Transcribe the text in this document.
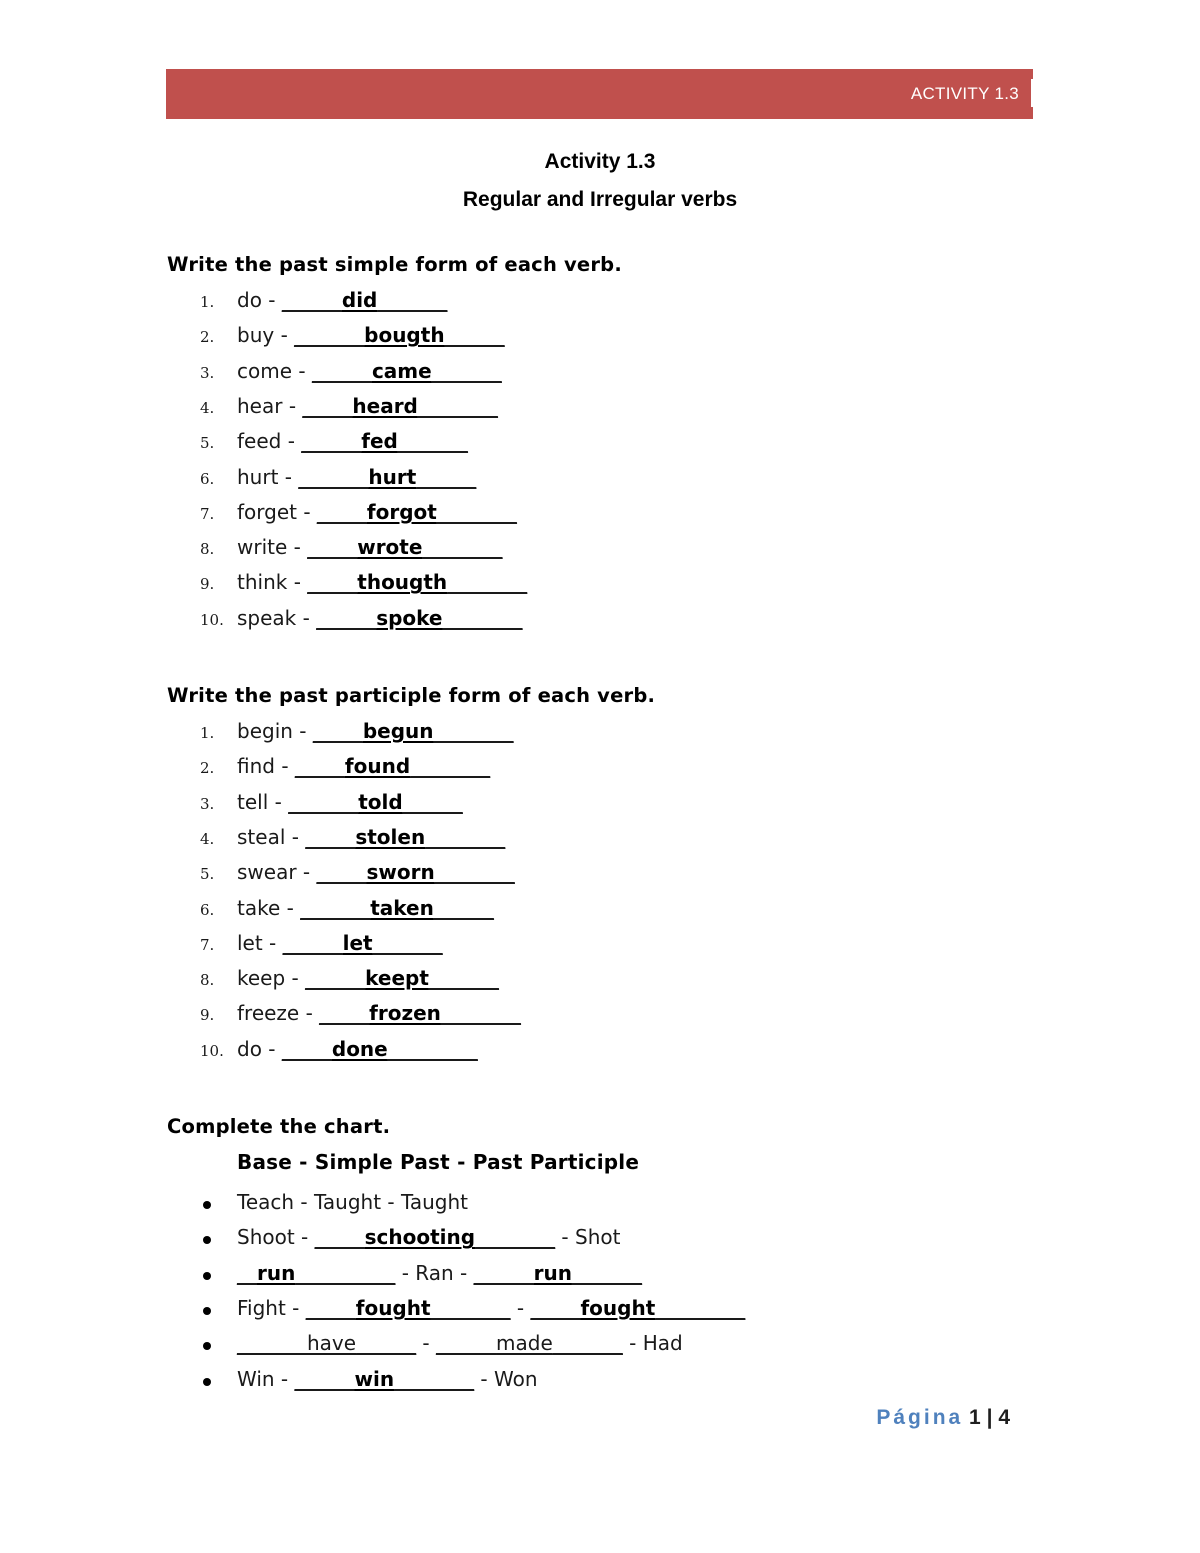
ACTIVITY 1.3
Activity 1.3
Regular and Irregular verbs
Write the past simple form of each verb.
1.	do - ______did_______
2.	buy - _______bougth______
3.	come - ______came_______
4.	hear - _____heard________
5.	feed - ______fed_______
6.	hurt - _______hurt______
7.	forget - _____forgot________
8.	write - _____wrote________
9.	think - _____thougth________
10. speak - ______spoke________
Write the past participle form of each verb.
1.	begin - _____begun________
2.	find - _____found________
3.	tell - _______told______
4.	steal - _____stolen________
5.	swear - _____sworn________
6.	take - _______taken______
7.	let - ______let_______
8.	keep - ______keept_______
9.	freeze - _____frozen________
10. do - _____done_________
Complete the chart.
Base - Simple Past - Past Participle
Teach - Taught - Taught
Shoot - _____schooting________ - Shot
__run__________ - Ran - ______run_______
Fight - _____fought________ - _____fought_________
_______have______ - ______made_______ - Had
Win - ______win________ - Won
Página 1 | 4
